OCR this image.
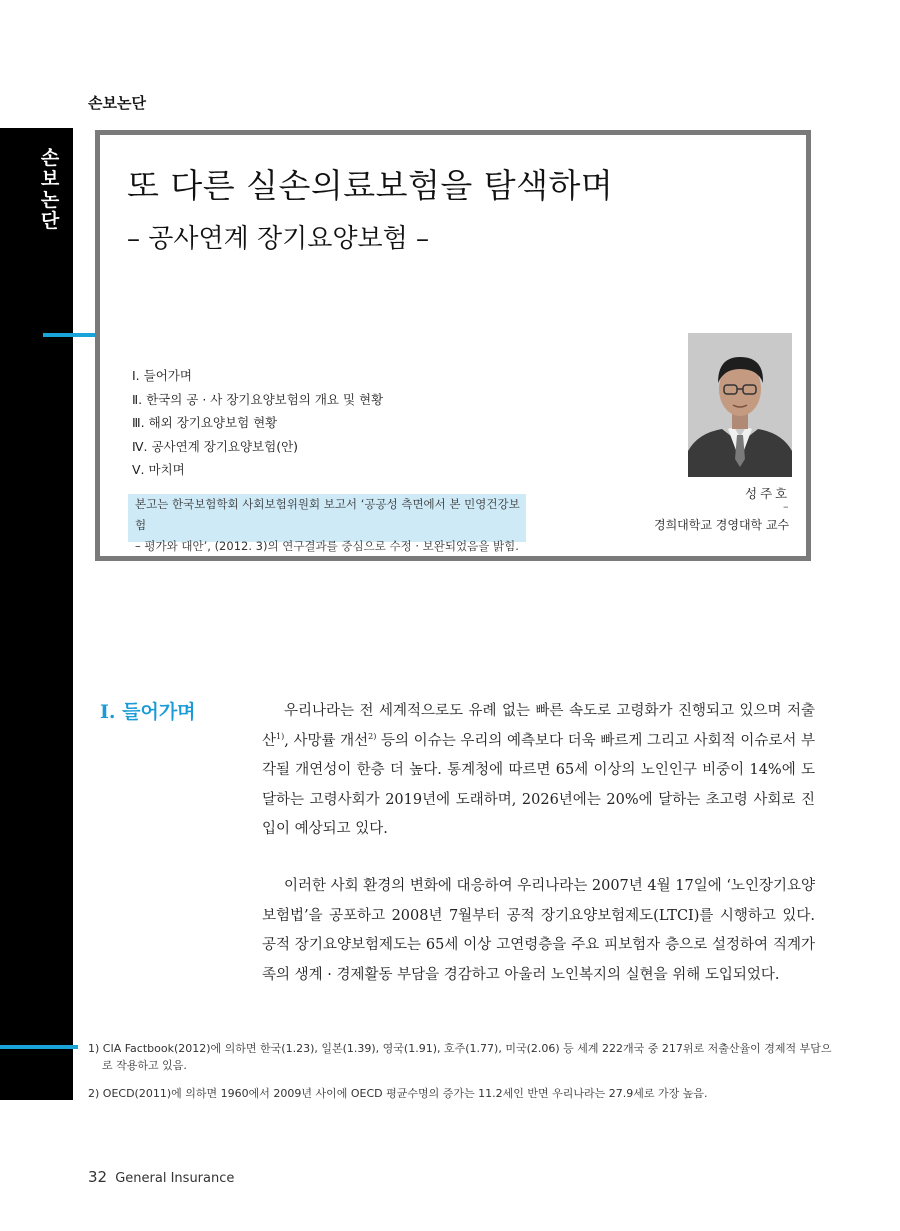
손보논단
손보논단
또 다른 실손의료보험을 탐색하며
– 공사연계 장기요양보험 –
Ⅰ. 들어가며
Ⅱ. 한국의 공 · 사 장기요양보험의 개요 및 현황
Ⅲ. 해외 장기요양보험 현황
Ⅳ. 공사연계 장기요양보험(안)
Ⅴ. 마치며
본고는 한국보험학회 사회보험위원회 보고서 ‘공공성 측면에서 본 민영건강보험
– 평가와 대안’, (2012. 3)의 연구결과를 중심으로 수정 · 보완되었음을 밝힘.
성주호
–
경희대학교 경영대학 교수
Ⅰ. 들어가며	우리나라는 전 세계적으로도 유례 없는 빠른 속도로 고령화가 진행되고 있으며 저출산$^{1)}$, 사망률 개선$^{2)}$ 등의 이슈는 우리의 예측보다 더욱 빠르게 그리고 사회적 이슈로서 부각될 개연성이 한층 더 높다. 통계청에 따르면 65세 이상의 노인인구 비중이 14%에 도달하는 고령사회가 2019년에 도래하며, 2026년에는 20%에 달하는 초고령 사회로 진입이 예상되고 있다.
이러한 사회 환경의 변화에 대응하여 우리나라는 2007년 4월 17일에 ‘노인장기요양보험법’을 공포하고 2008년 7월부터 공적 장기요양보험제도(LTCI)를 시행하고 있다. 공적 장기요양보험제도는 65세 이상 고연령층을 주요 피보험자 층으로 설정하여 직계가족의 생계 · 경제활동 부담을 경감하고 아울러 노인복지의 실현을 위해 도입되었다.
1) CIA Factbook(2012)에 의하면 한국(1.23), 일본(1.39), 영국(1.91), 호주(1.77), 미국(2.06) 등 세계 222개국 중 217위로 저출산율이 경제적 부담으로 작용하고 있음.
2) OECD(2011)에 의하면 1960에서 2009년 사이에 OECD 평균수명의 증가는 11.2세인 반면 우리나라는 27.9세로 가장 높음.
32 General Insurance
